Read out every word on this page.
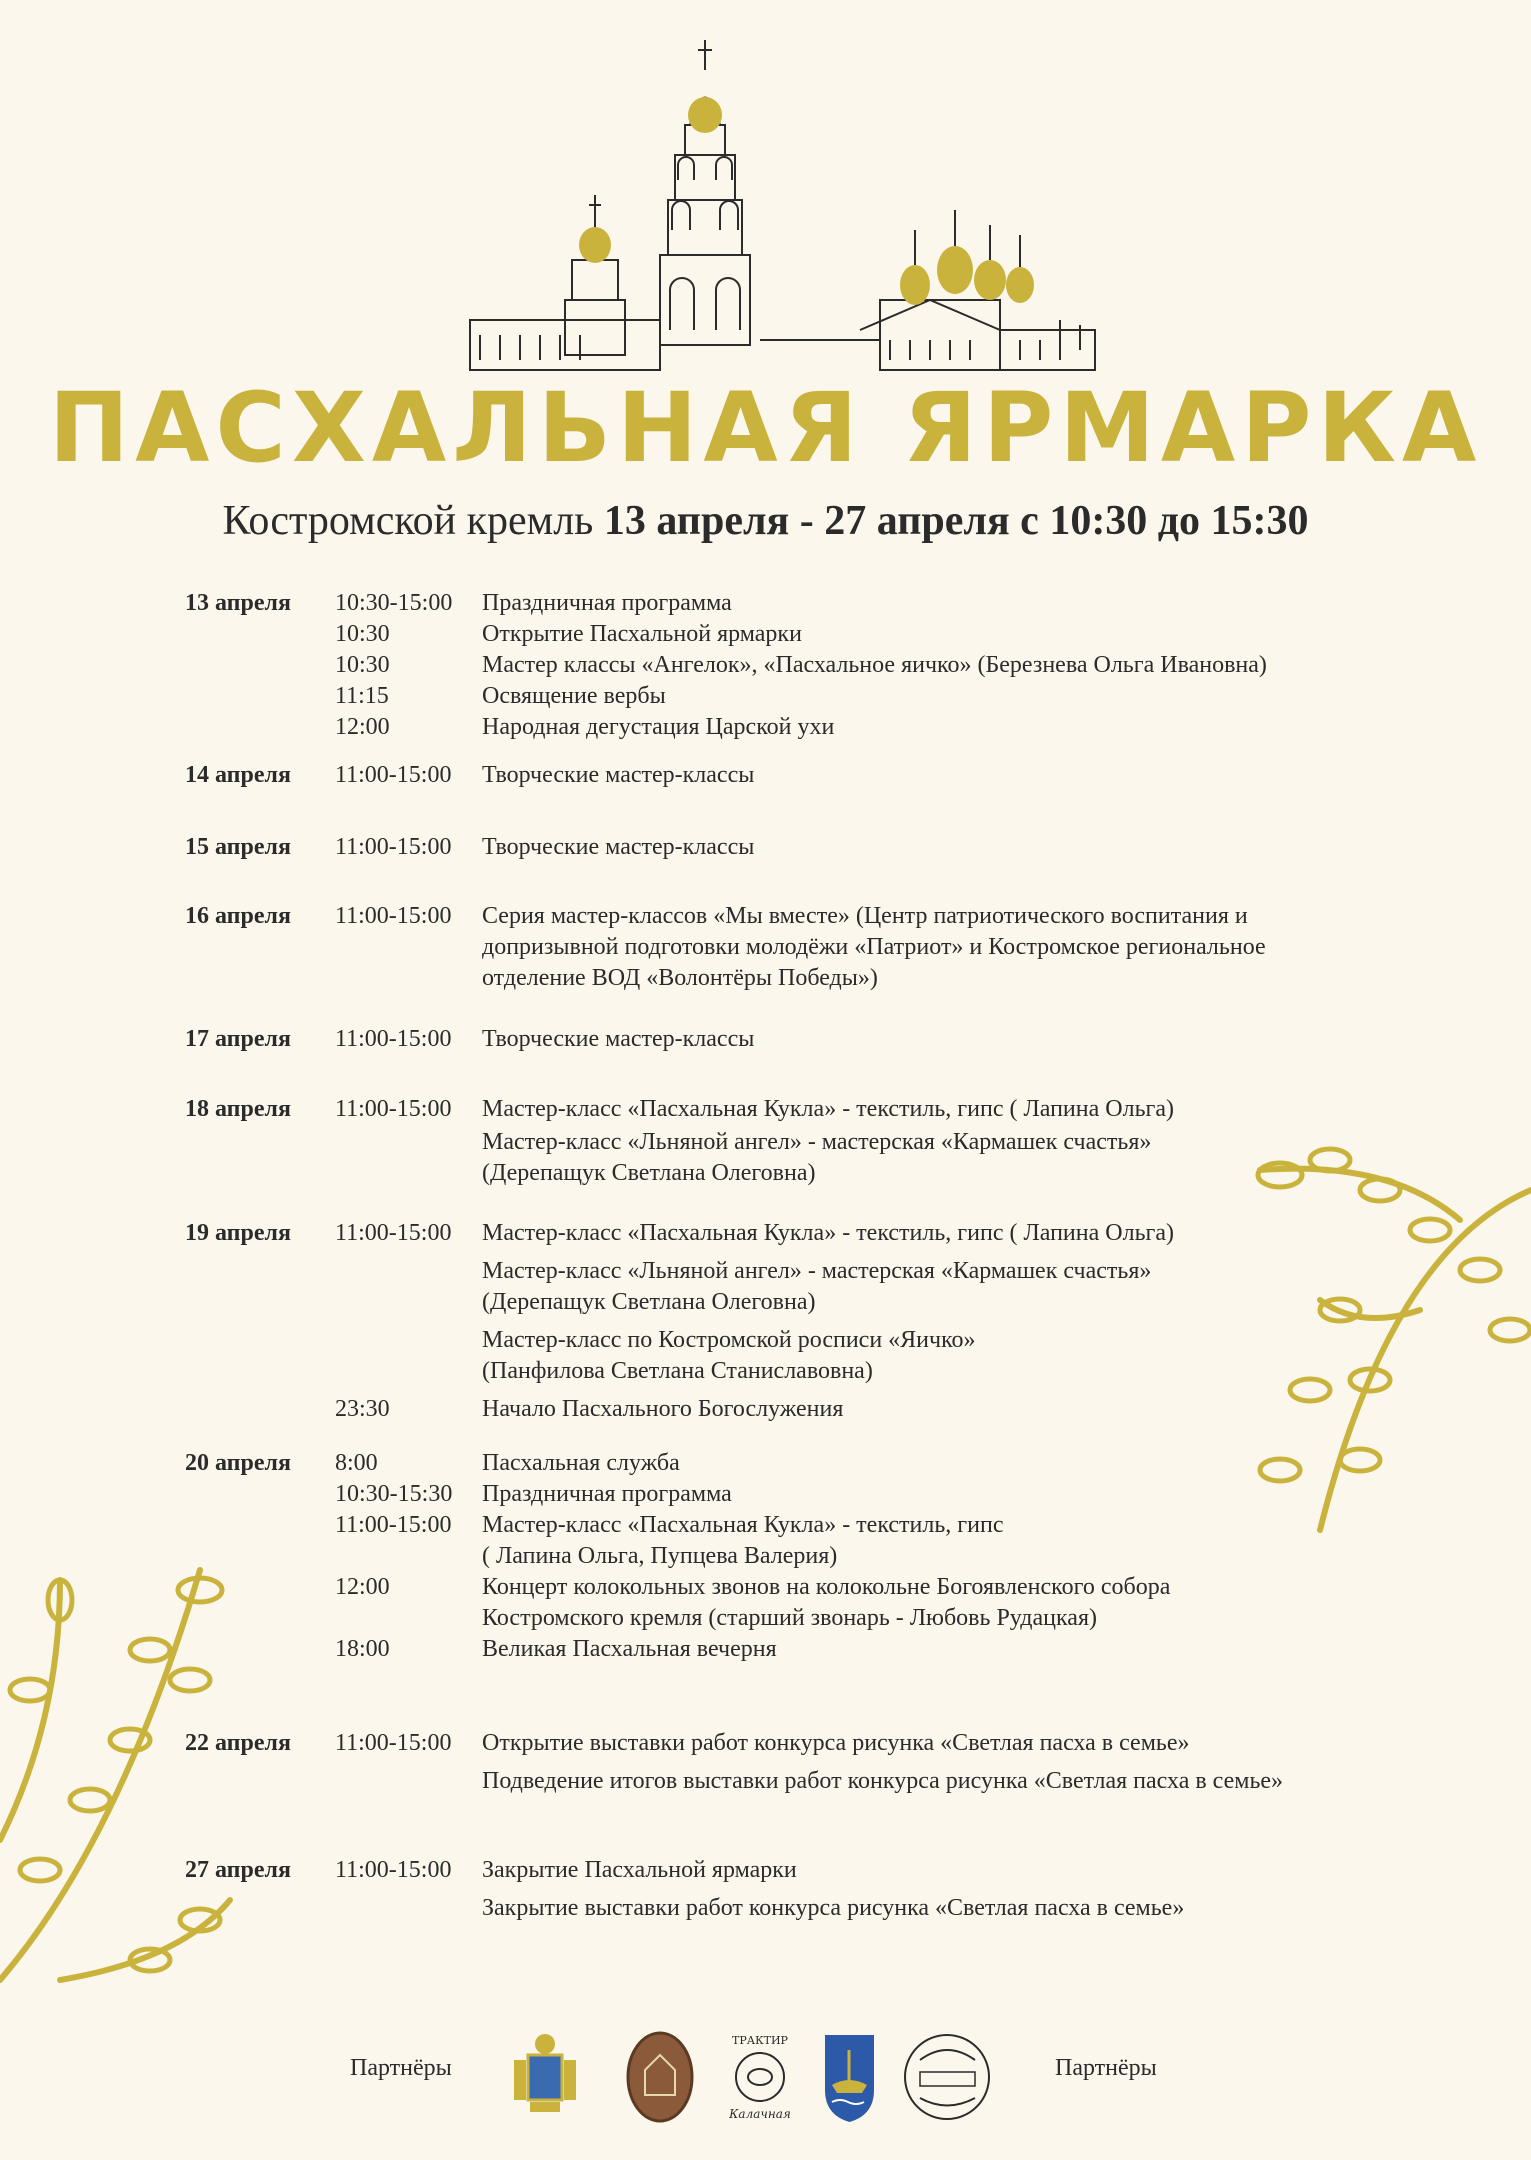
ПАСХАЛЬНАЯ ЯРМАРКА
Костромской кремль 13 апреля - 27 апреля с 10:30 до 15:30
13 апреля	10:30-15:00	Праздничная программа
10:30	Открытие Пасхальной ярмарки
10:30	Мастер классы «Ангелок», «Пасхальное яичко» (Березнева Ольга Ивановна)
11:15	Освящение вербы
12:00	Народная дегустация Царской ухи
14 апреля	11:00-15:00	Творческие мастер-классы
15 апреля	11:00-15:00	Творческие мастер-классы
16 апреля	11:00-15:00	Серия мастер-классов «Мы вместе» (Центр патриотического воспитания и
допризывной подготовки молодёжи «Патриот» и Костромское региональное
отделение ВОД «Волонтёры Победы»)
17 апреля	11:00-15:00	Творческие мастер-классы
18 апреля	11:00-15:00	Мастер-класс «Пасхальная Кукла» - текстиль, гипс ( Лапина Ольга)
Мастер-класс «Льняной ангел» - мастерская «Кармашек счастья»
(Дерепащук Светлана Олеговна)
19 апреля	11:00-15:00	Мастер-класс «Пасхальная Кукла» - текстиль, гипс ( Лапина Ольга)
Мастер-класс «Льняной ангел» - мастерская «Кармашек счастья»
(Дерепащук Светлана Олеговна)
Мастер-класс по Костромской росписи «Яичко»
(Панфилова Светлана Станиславовна)
23:30	Начало Пасхального Богослужения
20 апреля	8:00	Пасхальная служба
10:30-15:30	Праздничная программа
11:00-15:00	Мастер-класс «Пасхальная Кукла» - текстиль, гипс
( Лапина Ольга, Пупцева Валерия)
12:00	Концерт колокольных звонов на колокольне Богоявленского собора
Костромского кремля (старший звонарь - Любовь Рудацкая)
18:00	Великая Пасхальная вечерня
22 апреля	11:00-15:00	Открытие выставки работ конкурса рисунка «Светлая пасха в семье»
Подведение итогов выставки работ конкурса рисунка «Светлая пасха в семье»
27 апреля	11:00-15:00	Закрытие Пасхальной ярмарки
Закрытие выставки работ конкурса рисунка «Светлая пасха в семье»
Партнёры	Партнёры
ТРАКТИР
Калачная
